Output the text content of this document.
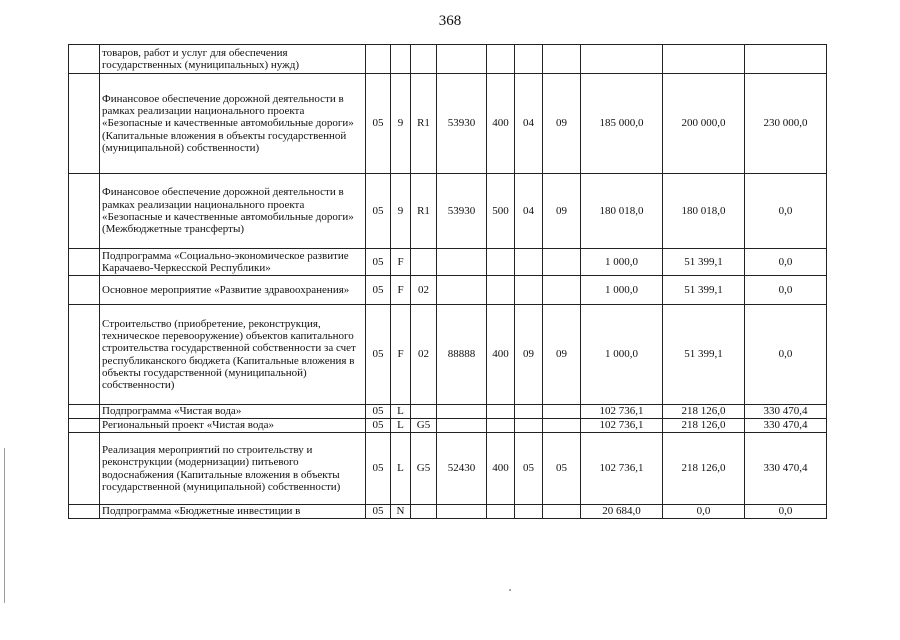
368
	товаров, работ и услуг для обеспечения государственных (муниципальных) нужд)										
	Финансовое обеспечение дорожной деятельности в рамках реализации национального проекта «Безопасные и качественные автомобильные дороги» (Капитальные вложения в объекты государственной (муниципальной) собственности)	05	9	R1	53930	400	04	09	185 000,0	200 000,0	230 000,0
	Финансовое обеспечение дорожной деятельности в рамках реализации национального проекта «Безопасные и качественные автомобильные дороги» (Межбюджетные трансферты)	05	9	R1	53930	500	04	09	180 018,0	180 018,0	0,0
	Подпрограмма «Социально-экономическое развитие Карачаево-Черкесской Республики»	05	F						1 000,0	51 399,1	0,0
	Основное мероприятие «Развитие здравоохранения»	05	F	02					1 000,0	51 399,1	0,0
	Строительство (приобретение, реконструкция, техническое перевооружение) объектов капитального строительства государственной собственности за счет республиканского бюджета (Капитальные вложения в объекты государственной (муниципальной) собственности)	05	F	02	88888	400	09	09	1 000,0	51 399,1	0,0
	Подпрограмма «Чистая вода»	05	L						102 736,1	218 126,0	330 470,4
	Региональный проект «Чистая вода»	05	L	G5					102 736,1	218 126,0	330 470,4
	Реализация мероприятий по строительству и реконструкции (модернизации) питьевого водоснабжения (Капитальные вложения в объекты государственной (муниципальной) собственности)	05	L	G5	52430	400	05	05	102 736,1	218 126,0	330 470,4
	Подпрограмма «Бюджетные инвестиции в	05	N						20 684,0	0,0	0,0
